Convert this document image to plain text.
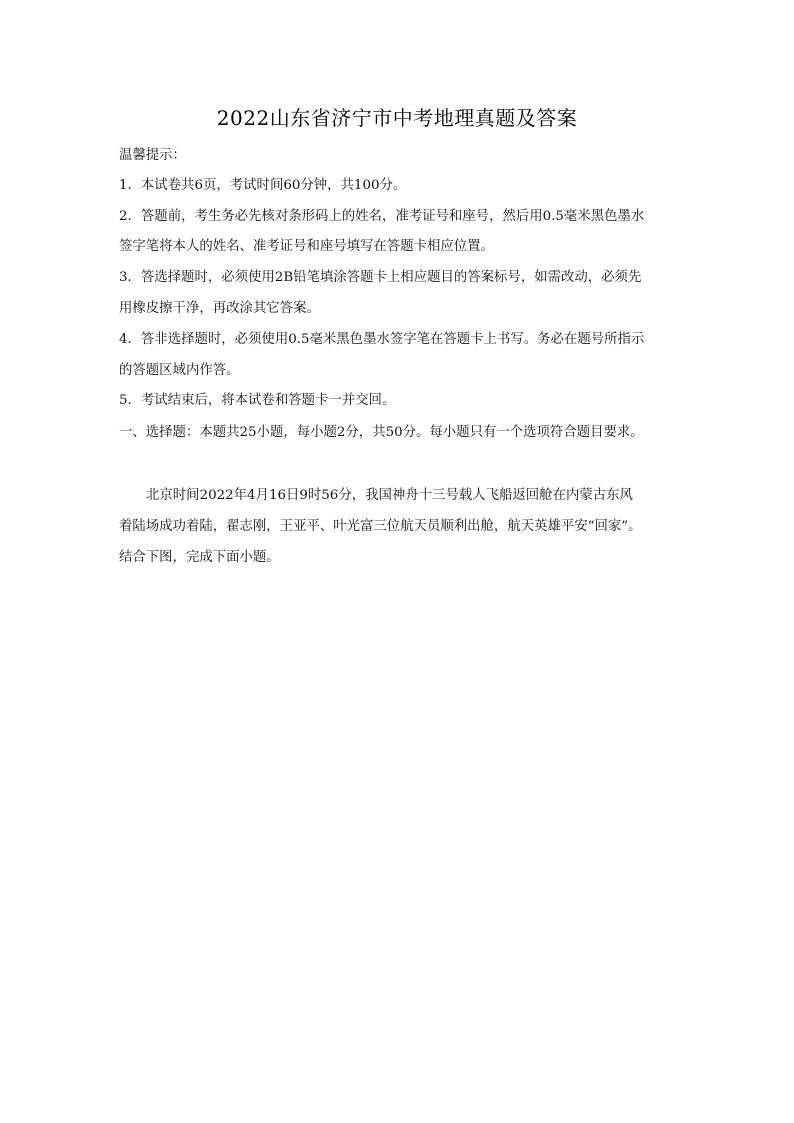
2022山东省济宁市中考地理真题及答案
温馨提示：
1．本试卷共6页，考试时间60分钟，共100分。
2．答题前，考生务必先核对条形码上的姓名，准考证号和座号，然后用0.5毫米黑色墨水
签字笔将本人的姓名、准考证号和座号填写在答题卡相应位置。
3．答选择题时，必须使用2B铅笔填涂答题卡上相应题目的答案标号，如需改动，必须先
用橡皮擦干净，再改涂其它答案。
4．答非选择题时，必须使用0.5毫米黑色墨水签字笔在答题卡上书写。务必在题号所指示
的答题区域内作答。
5．考试结束后，将本试卷和答题卡一并交回。
一、选择题：本题共25小题，每小题2分，共50分。每小题只有一个选项符合题目要求。
北京时间2022年4月16日9时56分，我国神舟十三号载人飞船返回舱在内蒙古东风
着陆场成功着陆，翟志刚，王亚平、叶光富三位航天员顺利出舱，航天英雄平安“回家”。
结合下图，完成下面小题。
